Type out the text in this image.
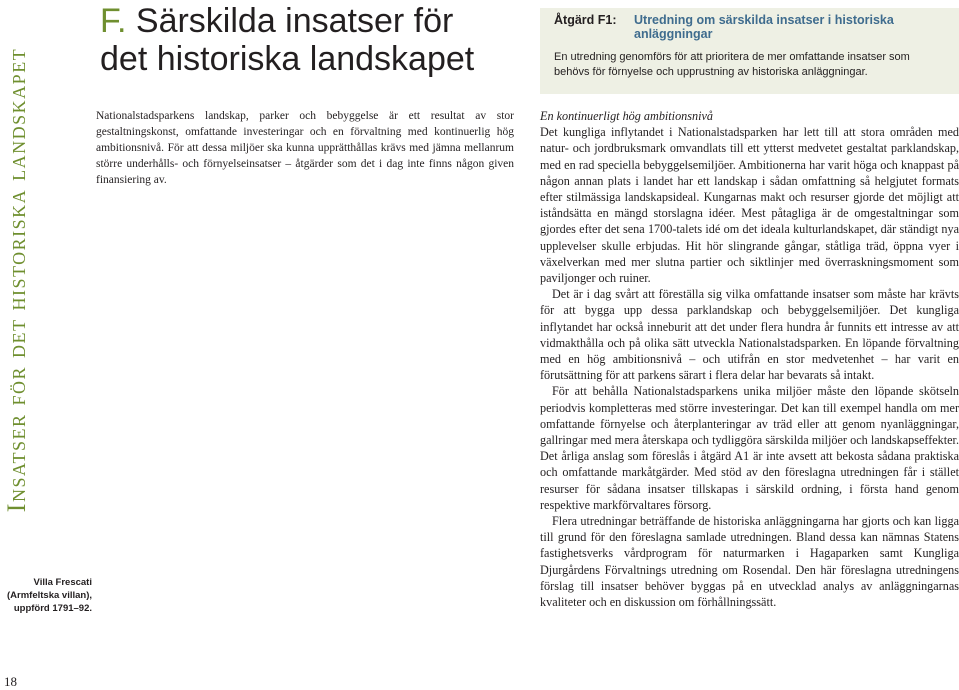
Insatser för det historiska landskapet
Villa Frescati
(Armfeltska villan),
uppförd 1791–92.
18
F. Särskilda insatser för det historiska landskapet

Nationalstadsparkens landskap, parker och bebyggelse är ett resultat av stor gestaltningskonst, omfattande investeringar och en förvaltning med kontinuerlig hög ambitionsnivå. För att dessa miljöer ska kunna upprätthållas krävs med jämna mellanrum större underhålls- och förnyelseinsatser – åtgärder som det i dag inte finns någon given finansiering av.

Åtgärd F1: Utredning om särskilda insatser i historiska anläggningar
En utredning genomförs för att prioritera de mer omfattande insatser som behövs för förnyelse och upprustning av historiska anläggningar.
En kontinuerligt hög ambitionsnivå

Det kungliga inflytandet i Nationalstadsparken har lett till att stora områden med natur- och jordbruksmark omvandlats till ett ytterst medvetet gestaltat parklandskap, med en rad speciella bebyggelsemiljöer. Ambitionerna har varit höga och knappast på någon annan plats i landet har ett landskap i sådan omfattning så helgjutet formats efter stilmässiga landskapsideal. Kungarnas makt och resurser gjorde det möjligt att iståndsätta en mängd storslagna idéer. Mest påtagliga är de omgestaltningar som gjordes efter det sena 1700-talets idé om det ideala kulturlandskapet, där ständigt nya upplevelser skulle erbjudas. Hit hör slingrande gångar, ståtliga träd, öppna vyer i växelverkan med mer slutna partier och siktlinjer med överraskningsmoment som paviljonger och ruiner.

Det är i dag svårt att föreställa sig vilka omfattande insatser som måste har krävts för att bygga upp dessa parklandskap och bebyggelsemiljöer. Det kungliga inflytandet har också inneburit att det under flera hundra år funnits ett intresse av att vidmakthålla och på olika sätt utveckla Nationalstadsparken. En löpande förvaltning med en hög ambitionsnivå – och utifrån en stor medvetenhet – har varit en förutsättning för att parkens särart i flera delar har bevarats så intakt.

För att behålla Nationalstadsparkens unika miljöer måste den löpande skötseln periodvis kompletteras med större investeringar. Det kan till exempel handla om mer omfattande förnyelse och återplanteringar av träd eller att genom nyanläggningar, gallringar med mera återskapa och tydliggöra särskilda miljöer och landskapseffekter. Det årliga anslag som föreslås i åtgärd A1 är inte avsett att bekosta sådana praktiska och omfattande markåtgärder. Med stöd av den föreslagna utredningen får i stället resurser för sådana insatser tillskapas i särskild ordning, i första hand genom respektive markförvaltares försorg.

Flera utredningar beträffande de historiska anläggningarna har gjorts och kan ligga till grund för den föreslagna samlade utredningen. Bland dessa kan nämnas Statens fastighetsverks vårdprogram för naturmarken i Hagaparken samt Kungliga Djurgårdens Förvaltnings utredning om Rosendal. Den här föreslagna utredningens förslag till insatser behöver byggas på en utvecklad analys av anläggningarnas kvaliteter och en diskussion om förhållningssätt.
